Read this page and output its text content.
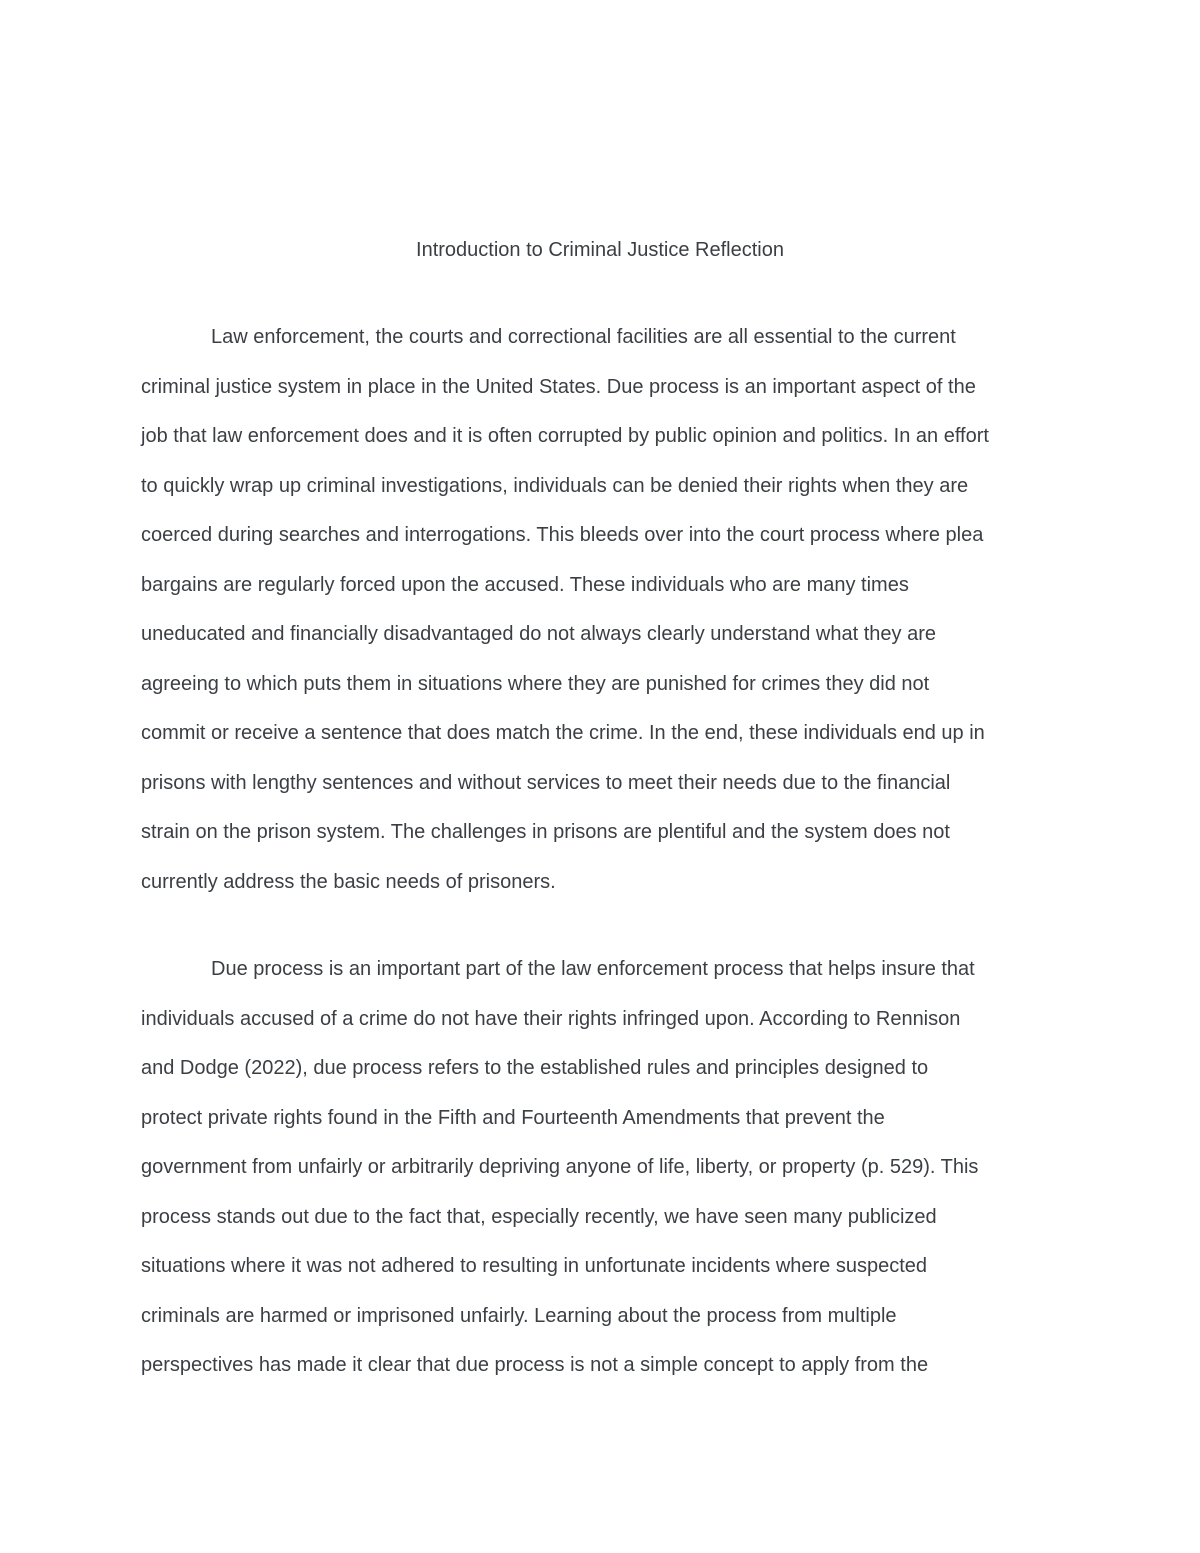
Introduction to Criminal Justice Reflection
Law enforcement, the courts and correctional facilities are all essential to the current
criminal justice system in place in the United States. Due process is an important aspect of the
job that law enforcement does and it is often corrupted by public opinion and politics. In an effort
to quickly wrap up criminal investigations, individuals can be denied their rights when they are
coerced during searches and interrogations. This bleeds over into the court process where plea
bargains are regularly forced upon the accused. These individuals who are many times
uneducated and financially disadvantaged do not always clearly understand what they are
agreeing to which puts them in situations where they are punished for crimes they did not
commit or receive a sentence that does match the crime. In the end, these individuals end up in
prisons with lengthy sentences and without services to meet their needs due to the financial
strain on the prison system. The challenges in prisons are plentiful and the system does not
currently address the basic needs of prisoners.
Due process is an important part of the law enforcement process that helps insure that
individuals accused of a crime do not have their rights infringed upon. According to Rennison
and Dodge (2022), due process refers to the established rules and principles designed to
protect private rights found in the Fifth and Fourteenth Amendments that prevent the
government from unfairly or arbitrarily depriving anyone of life, liberty, or property (p. 529). This
process stands out due to the fact that, especially recently, we have seen many publicized
situations where it was not adhered to resulting in unfortunate incidents where suspected
criminals are harmed or imprisoned unfairly. Learning about the process from multiple
perspectives has made it clear that due process is not a simple concept to apply from the
